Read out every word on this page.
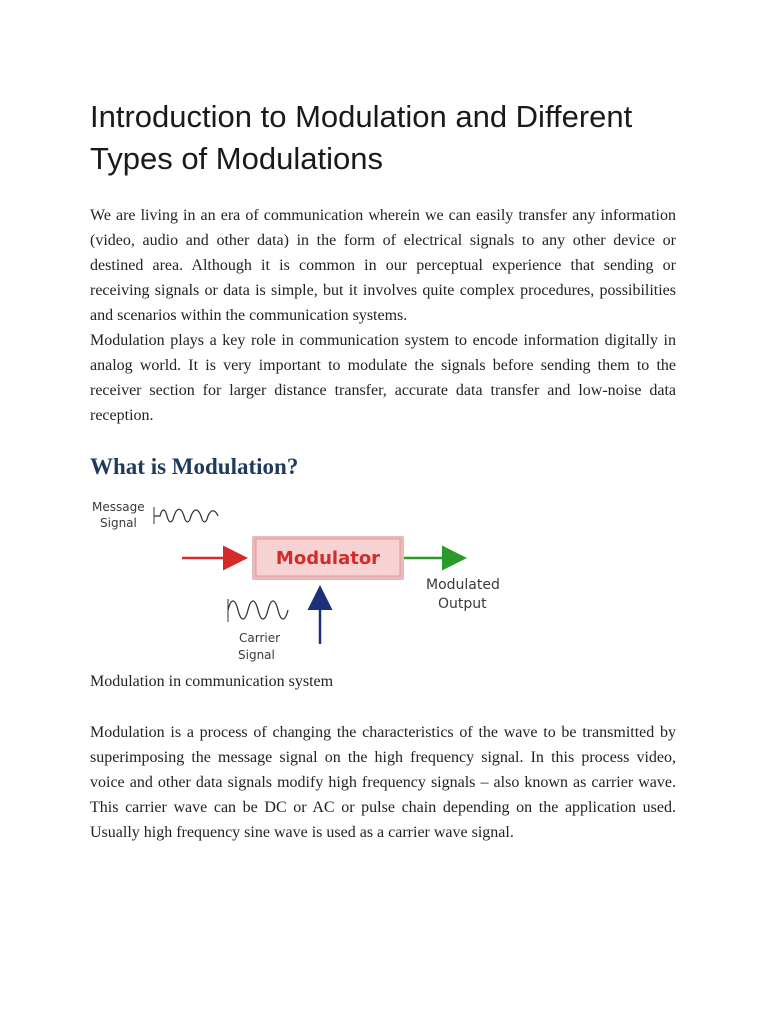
Introduction to Modulation and Different
Types of Modulations

We are living in an era of communication wherein we can easily transfer any information (video, audio and other data) in the form of electrical signals to any other device or destined area. Although it is common in our perceptual experience that sending or receiving signals or data is simple, but it involves quite complex procedures, possibilities and scenarios within the communication systems.

Modulation plays a key role in communication system to encode information digitally in analog world. It is very important to modulate the signals before sending them to the receiver section for larger distance transfer, accurate data transfer and low-noise data reception.

What is Modulation?
Message
Signal
Modulator
Modulated
Output
Carrier
Signal

Modulation in communication system

Modulation is a process of changing the characteristics of the wave to be transmitted by superimposing the message signal on the high frequency signal. In this process video, voice and other data signals modify high frequency signals – also known as carrier wave. This carrier wave can be DC or AC or pulse chain depending on the application used. Usually high frequency sine wave is used as a carrier wave signal.
